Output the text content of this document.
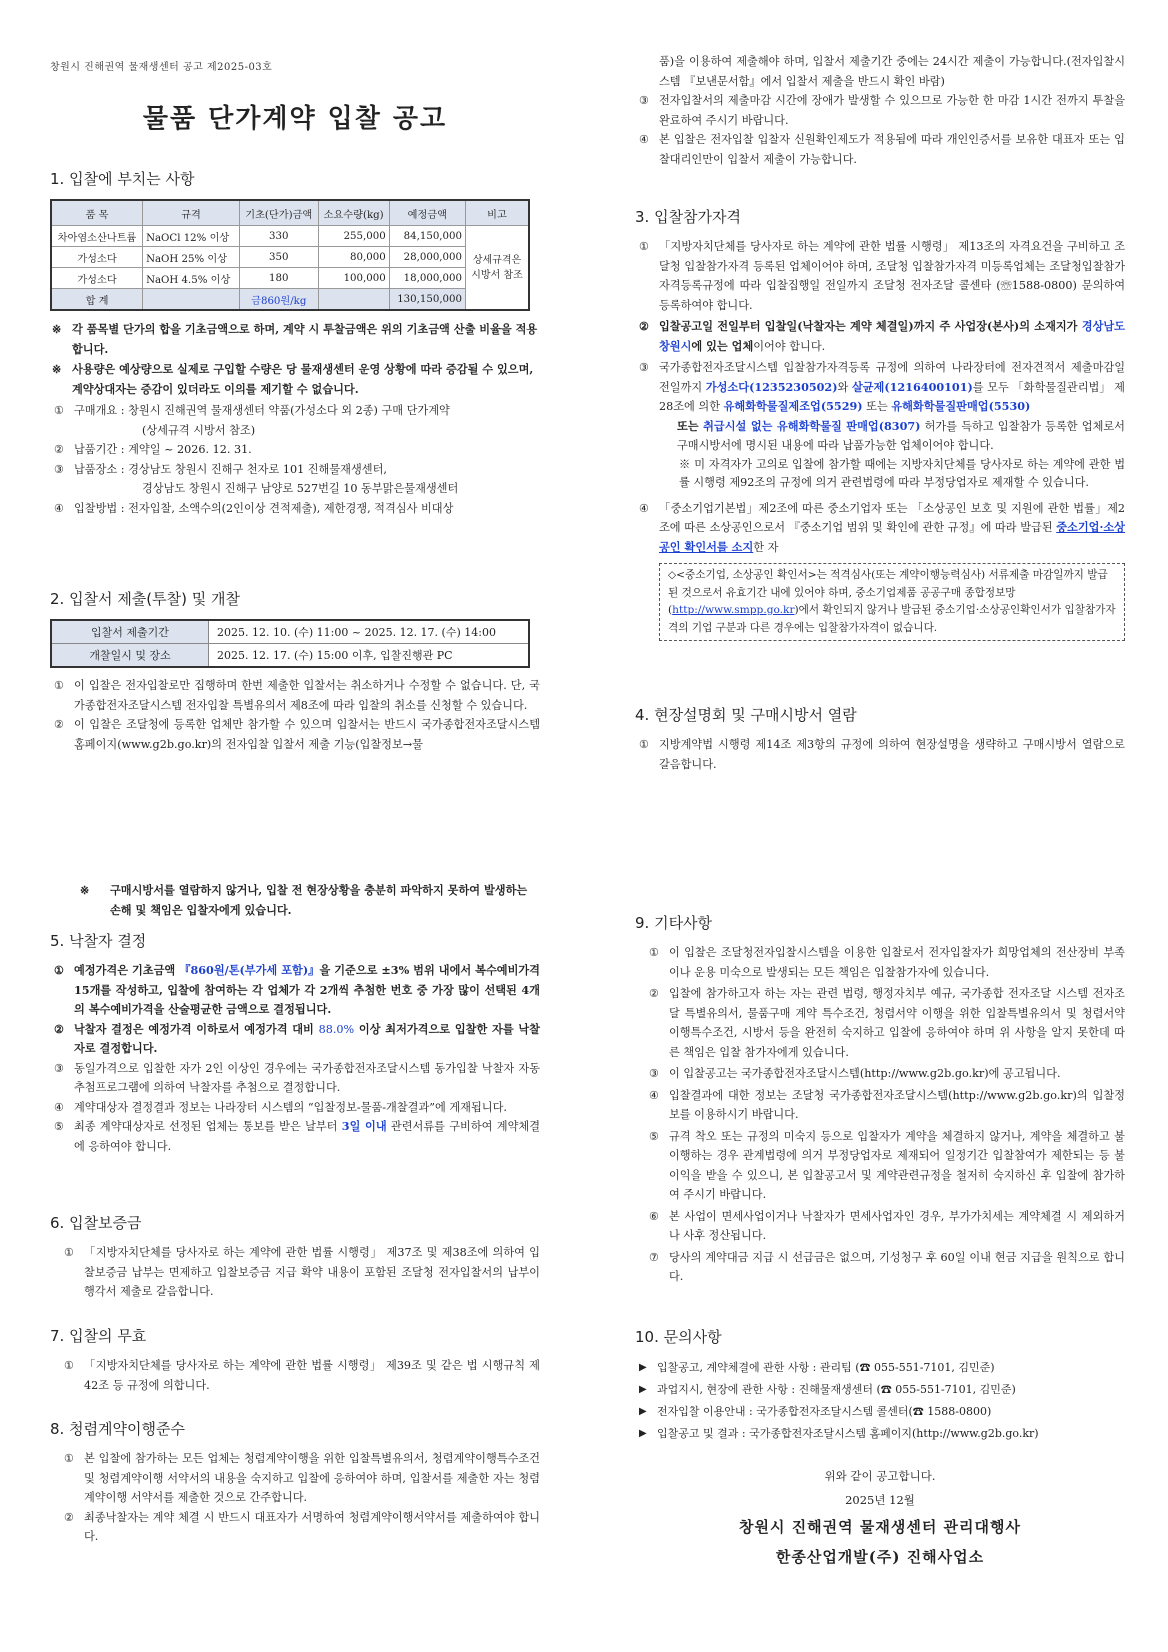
창원시 진해권역 물재생센터 공고 제2025-03호
물품 단가계약 입찰 공고
1. 입찰에 부치는 사항
품 목	규격	기초(단가)금액	소요수량(kg)	예정금액	비고
차아염소산나트륨	NaOCl 12% 이상	330	255,000	84,150,000	상세규격은 시방서 참조
가성소다	NaOH 25% 이상	350	80,000	28,000,000	
가성소다	NaOH 4.5% 이상	180	100,000	18,000,000	
합 계		금860원/kg		130,150,000	
※ 각 품목별 단가의 합을 기초금액으로 하며, 계약 시 투찰금액은 위의 기초금액 산출 비율을 적용합니다.
※ 사용량은 예상량으로 실제로 구입할 수량은 당 물재생센터 운영 상황에 따라 증감될 수 있으며, 계약상대자는 증감이 있더라도 이의를 제기할 수 없습니다.
① 구매개요 : 창원시 진해권역 물재생센터 약품(가성소다 외 2종) 구매 단가계약
(상세규격 시방서 참조)
② 납품기간 : 계약일 ~ 2026. 12. 31.
③ 납품장소 : 경상남도 창원시 진해구 천자로 101 진해물재생센터,
경상남도 창원시 진해구 남양로 527번길 10 동부맑은물재생센터
④ 입찰방법 : 전자입찰, 소액수의(2인이상 견적제출), 제한경쟁, 적격심사 비대상
2. 입찰서 제출(투찰) 및 개찰
입찰서 제출기간	2025. 12. 10. (수) 11:00 ~ 2025. 12. 17. (수) 14:00
개찰일시 및 장소	2025. 12. 17. (수) 15:00 이후, 입찰진행관 PC
① 이 입찰은 전자입찰로만 집행하며 한번 제출한 입찰서는 취소하거나 수정할 수 없습니다. 단, 국가종합전자조달시스템 전자입찰 특별유의서 제8조에 따라 입찰의 취소를 신청할 수 있습니다.
② 이 입찰은 조달청에 등록한 업체만 참가할 수 있으며 입찰서는 반드시 국가종합전자조달시스템 홈페이지(www.g2b.go.kr)의 전자입찰 입찰서 제출 기능(입찰정보→물
※ 구매시방서를 열람하지 않거나, 입찰 전 현장상황을 충분히 파악하지 못하여 발생하는 손해 및 책임은 입찰자에게 있습니다.
5. 낙찰자 결정
① 예정가격은 기초금액 『860원/톤(부가세 포함)』을 기준으로 ±3% 범위 내에서 복수예비가격 15개를 작성하고, 입찰에 참여하는 각 업체가 각 2개씩 추첨한 번호 중 가장 많이 선택된 4개의 복수예비가격을 산술평균한 금액으로 결정됩니다.
② 낙찰자 결정은 예정가격 이하로서 예정가격 대비 88.0% 이상 최저가격으로 입찰한 자를 낙찰자로 결정합니다.
③ 동일가격으로 입찰한 자가 2인 이상인 경우에는 국가종합전자조달시스템 동가입찰 낙찰자 자동추첨프로그램에 의하여 낙찰자를 추첨으로 결정합니다.
④ 계약대상자 결정결과 정보는 나라장터 시스템의 “입찰정보-물품-개찰결과”에 게재됩니다.
⑤ 최종 계약대상자로 선정된 업체는 통보를 받은 날부터 3일 이내 관련서류를 구비하여 계약체결에 응하여야 합니다.
6. 입찰보증금
① 「지방자치단체를 당사자로 하는 계약에 관한 법률 시행령」 제37조 및 제38조에 의하여 입찰보증금 납부는 면제하고 입찰보증금 지급 확약 내용이 포함된 조달청 전자입찰서의 납부이행각서 제출로 갈음합니다.
7. 입찰의 무효
① 「지방자치단체를 당사자로 하는 계약에 관한 법률 시행령」 제39조 및 같은 법 시행규칙 제42조 등 규정에 의합니다.
8. 청렴계약이행준수
① 본 입찰에 참가하는 모든 업체는 청렴계약이행을 위한 입찰특별유의서, 청렴계약이행특수조건 및 청렴계약이행 서약서의 내용을 숙지하고 입찰에 응하여야 하며, 입찰서를 제출한 자는 청렴계약이행 서약서를 제출한 것으로 간주합니다.
② 최종낙찰자는 계약 체결 시 반드시 대표자가 서명하여 청렴계약이행서약서를 제출하여야 합니다.
품)을 이용하여 제출해야 하며, 입찰서 제출기간 중에는 24시간 제출이 가능합니다.(전자입찰시스템 『보낸문서함』에서 입찰서 제출을 반드시 확인 바람)
③ 전자입찰서의 제출마감 시간에 장애가 발생할 수 있으므로 가능한 한 마감 1시간 전까지 투찰을 완료하여 주시기 바랍니다.
④ 본 입찰은 전자입찰 입찰자 신원확인제도가 적용됨에 따라 개인인증서를 보유한 대표자 또는 입찰대리인만이 입찰서 제출이 가능합니다.
3. 입찰참가자격
① 「지방자치단체를 당사자로 하는 계약에 관한 법률 시행령」 제13조의 자격요건을 구비하고 조달청 입찰참가자격 등록된 업체이어야 하며, 조달청 입찰참가자격 미등록업체는 조달청입찰참가자격등록규정에 따라 입찰집행일 전일까지 조달청 전자조달 콜센타 (☏1588-0800) 문의하여 등록하여야 합니다.
② 입찰공고일 전일부터 입찰일(낙찰자는 계약 체결일)까지 주 사업장(본사)의 소재지가 경상남도 창원시에 있는 업체이어야 합니다.
③ 국가종합전자조달시스템 입찰참가자격등록 규정에 의하여 나라장터에 전자견적서 제출마감일 전일까지 가성소다(1235230502)와 살균제(1216400101)를 모두 「화학물질관리법」 제28조에 의한 유해화학물질제조업(5529) 또는 유해화학물질판매업(5530)
또는 취급시설 없는 유해화학물질 판매업(8307) 허가를 득하고 입찰참가 등록한 업체로서 구매시방서에 명시된 내용에 따라 납품가능한 업체이어야 합니다.
※ 미 자격자가 고의로 입찰에 참가할 때에는 지방자치단체를 당사자로 하는 계약에 관한 법률 시행령 제92조의 규정에 의거 관련법령에 따라 부정당업자로 제재할 수 있습니다.
④ 「중소기업기본법」제2조에 따른 중소기업자 또는 「소상공인 보호 및 지원에 관한 법률」제2조에 따른 소상공인으로서 『중소기업 범위 및 확인에 관한 규정』에 따라 발급된 중소기업·소상공인 확인서를 소지한 자
◇<중소기업, 소상공인 확인서>는 적격심사(또는 계약이행능력심사) 서류제출 마감일까지 발급된 것으로서 유효기간 내에 있어야 하며, 중소기업제품 공공구매 종합정보망(http://www.smpp.go.kr)에서 확인되지 않거나 발급된 중소기업·소상공인확인서가 입찰참가자격의 기업 구분과 다른 경우에는 입찰참가자격이 없습니다.
4. 현장설명회 및 구매시방서 열람
① 지방계약법 시행령 제14조 제3항의 규정에 의하여 현장설명을 생략하고 구매시방서 열람으로 갈음합니다.
9. 기타사항
① 이 입찰은 조달청전자입찰시스템을 이용한 입찰로서 전자입찰자가 희망업체의 전산장비 부족이나 운용 미숙으로 발생되는 모든 책임은 입찰참가자에 있습니다.
② 입찰에 참가하고자 하는 자는 관련 법령, 행정자치부 예규, 국가종합 전자조달 시스템 전자조달 특별유의서, 물품구매 계약 특수조건, 청렴서약 이행을 위한 입찰특별유의서 및 청렴서약 이행특수조건, 시방서 등을 완전히 숙지하고 입찰에 응하여야 하며 위 사항을 알지 못한데 따른 책임은 입찰 참가자에게 있습니다.
③ 이 입찰공고는 국가종합전자조달시스템(http://www.g2b.go.kr)에 공고됩니다.
④ 입찰결과에 대한 정보는 조달청 국가종합전자조달시스템(http://www.g2b.go.kr)의 입찰정보를 이용하시기 바랍니다.
⑤ 규격 착오 또는 규정의 미숙지 등으로 입찰자가 계약을 체결하지 않거나, 계약을 체결하고 불이행하는 경우 관계법령에 의거 부정당업자로 제재되어 일정기간 입찰참여가 제한되는 등 불이익을 받을 수 있으니, 본 입찰공고서 및 계약관련규정을 철저히 숙지하신 후 입찰에 참가하여 주시기 바랍니다.
⑥ 본 사업이 면세사업이거나 낙찰자가 면세사업자인 경우, 부가가치세는 계약체결 시 제외하거나 사후 정산됩니다.
⑦ 당사의 계약대금 지급 시 선급금은 없으며, 기성청구 후 60일 이내 현금 지급을 원칙으로 합니다.
10. 문의사항
▶ 입찰공고, 계약체결에 관한 사항 : 관리팀 (☎ 055-551-7101, 김민준)
▶ 과업지시, 현장에 관한 사항 : 진해물재생센터 (☎ 055-551-7101, 김민준)
▶ 전자입찰 이용안내 : 국가종합전자조달시스템 콜센터(☎ 1588-0800)
▶ 입찰공고 및 결과 : 국가종합전자조달시스템 홈페이지(http://www.g2b.go.kr)
위와 같이 공고합니다.
2025년 12월
창원시 진해권역 물재생센터 관리대행사
한종산업개발(주) 진해사업소
